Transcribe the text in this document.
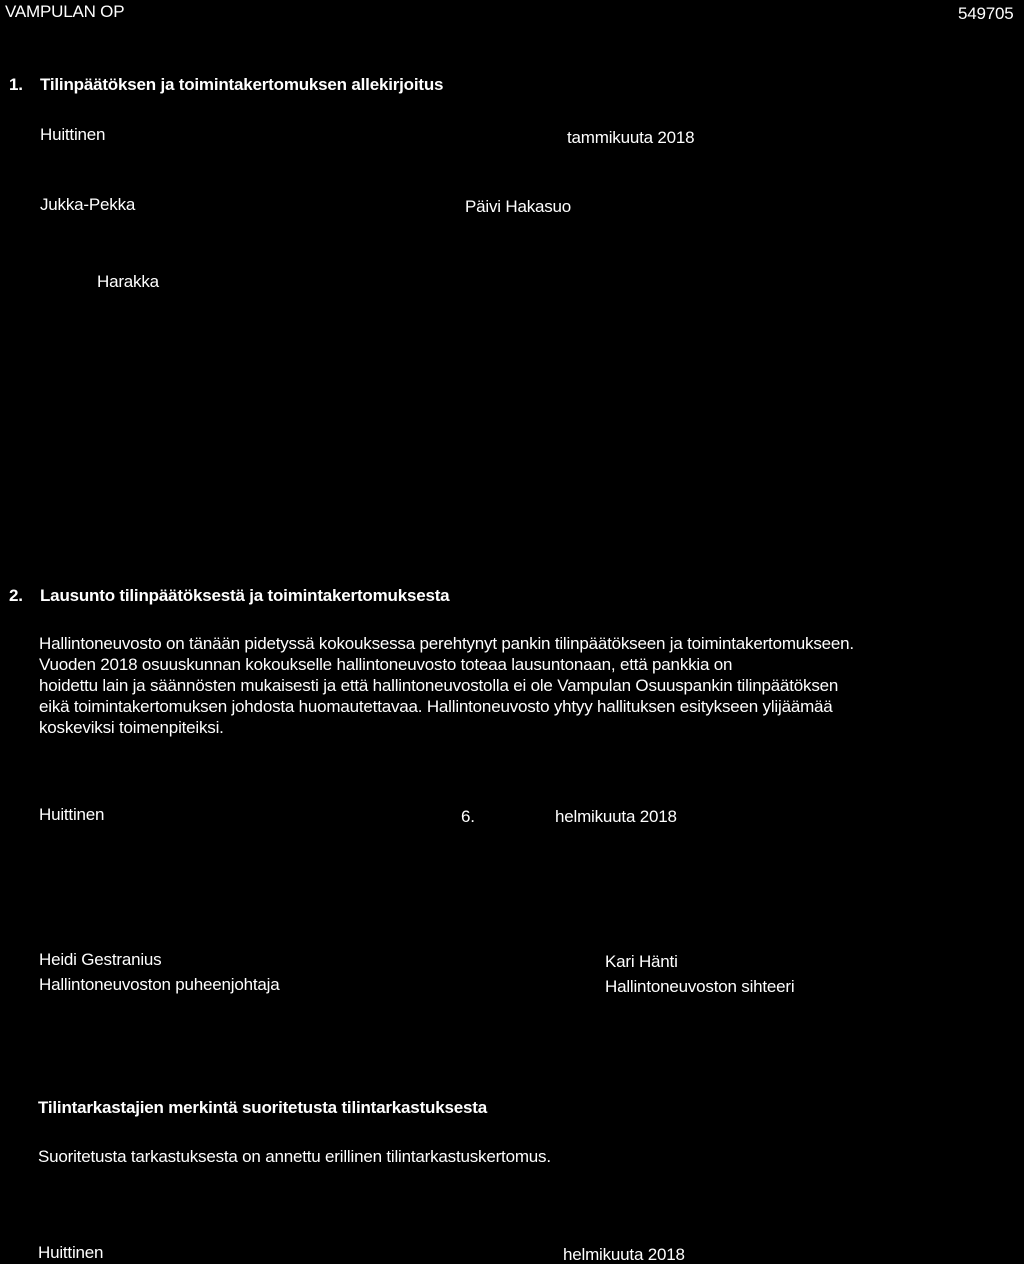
VAMPULAN OP	549705
1. Tilinpäätöksen ja toimintakertomuksen allekirjoitus
Huittinen	tammikuuta 2018
Jukka-Pekka	Päivi Hakasuo
Harakka
2. Lausunto tilinpäätöksestä ja toimintakertomuksesta
Hallintoneuvosto on tänään pidetyssä kokouksessa perehtynyt pankin tilinpäätökseen ja toimintakertomukseen.
Vuoden 2018 osuuskunnan kokoukselle hallintoneuvosto toteaa lausuntonaan, että pankkia on
hoidettu lain ja säännösten mukaisesti ja että hallintoneuvostolla ei ole Vampulan Osuuspankin tilinpäätöksen
eikä toimintakertomuksen johdosta huomautettavaa. Hallintoneuvosto yhtyy hallituksen esitykseen ylijäämää
koskeviksi toimenpiteiksi.
Huittinen	6.	helmikuuta 2018
Heidi Gestranius
Hallintoneuvoston puheenjohtaja
Kari Hänti
Hallintoneuvoston sihteeri
Tilintarkastajien merkintä suoritetusta tilintarkastuksesta
Suoritetusta tarkastuksesta on annettu erillinen tilintarkastuskertomus.
Huittinen	helmikuuta 2018
